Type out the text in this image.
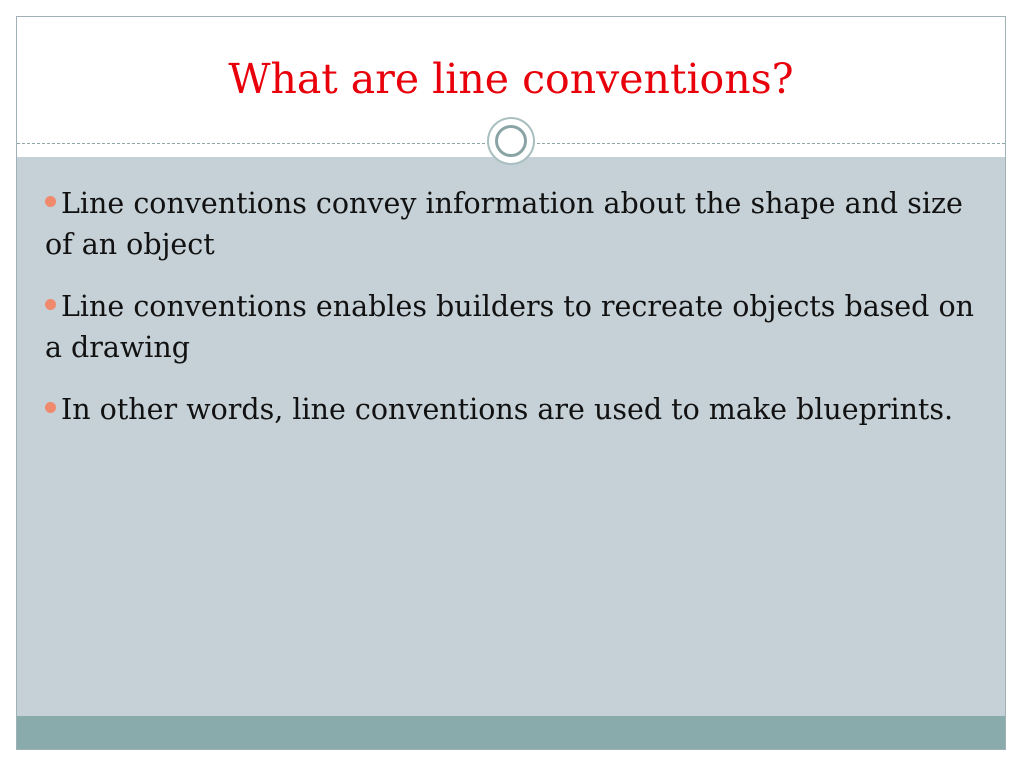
What are line conventions?
Line conventions convey information about the shape and size of an object
Line conventions enables builders to recreate objects based on a drawing
In other words, line conventions are used to make blueprints.
